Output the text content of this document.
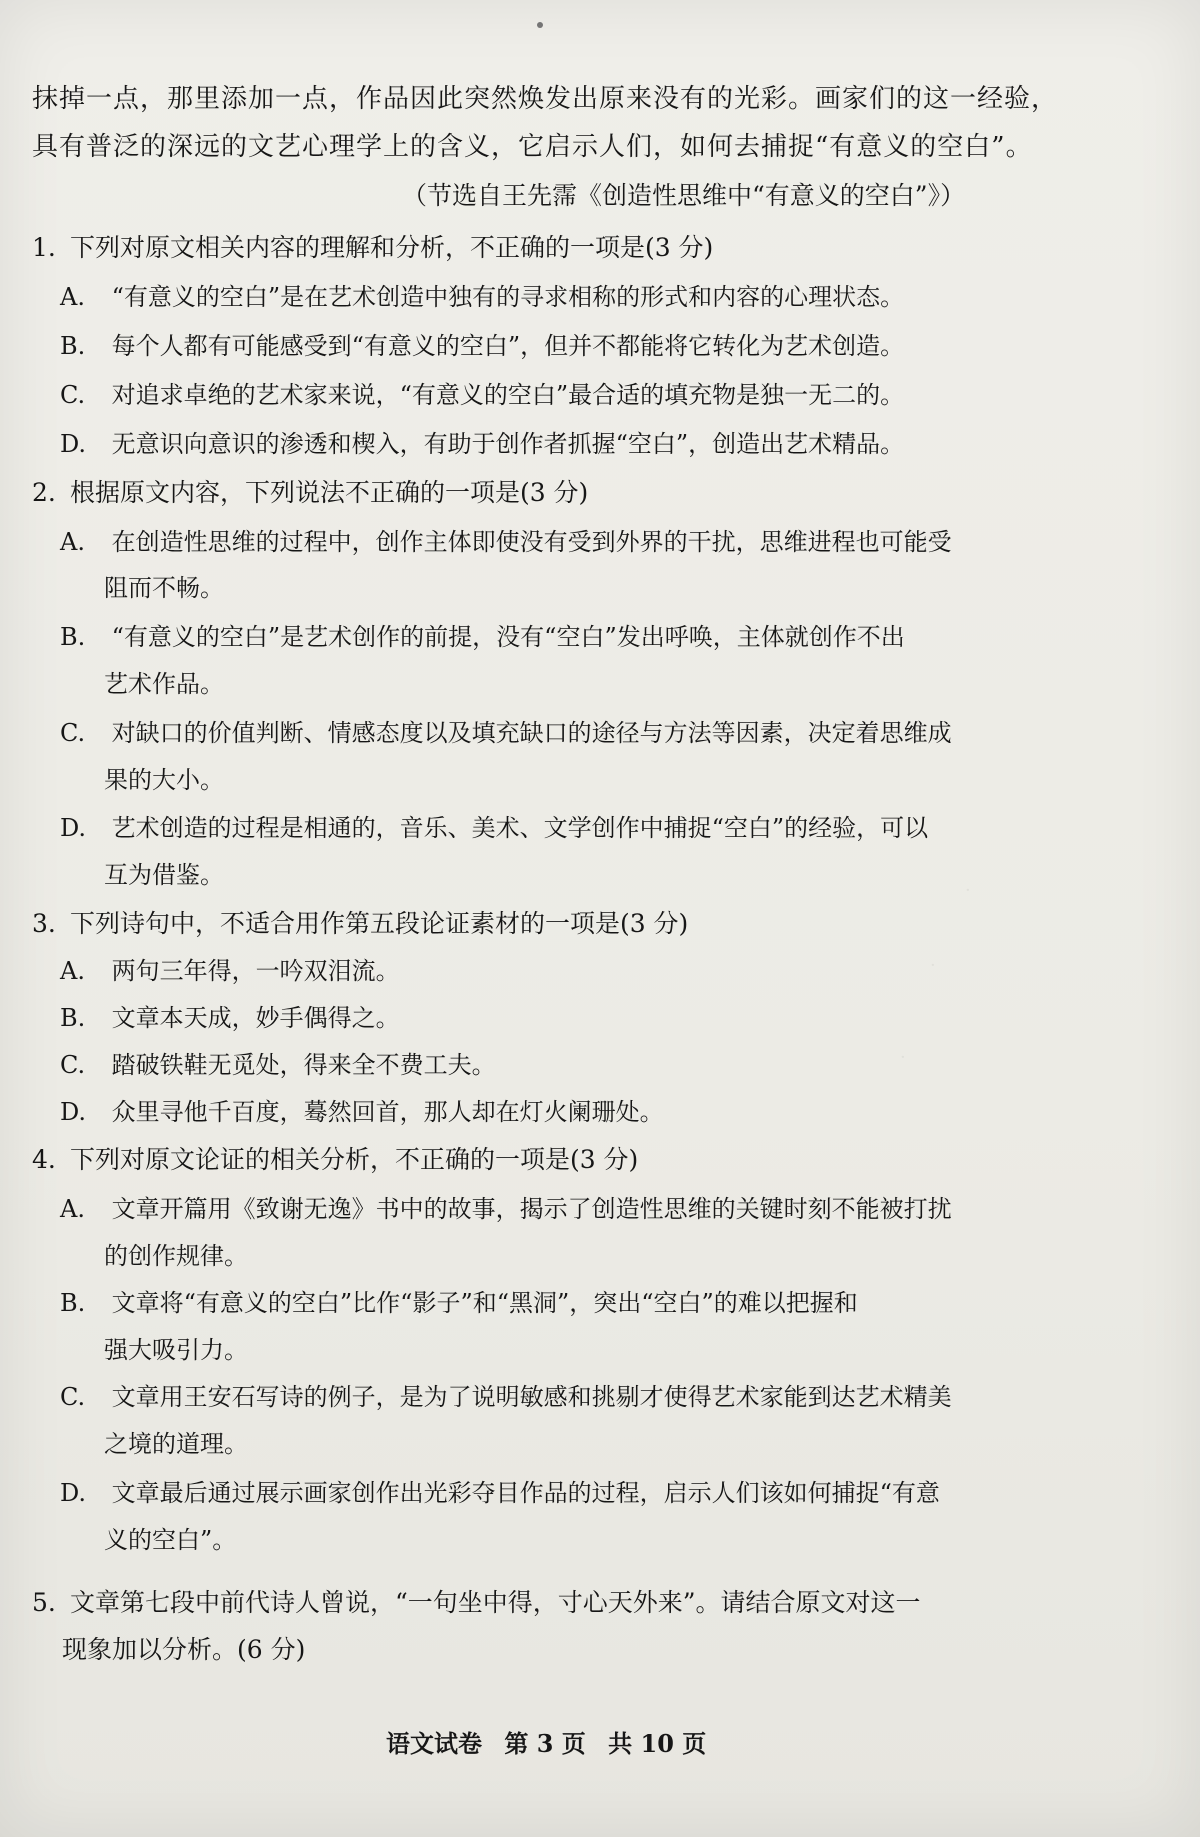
抹掉一点，那里添加一点，作品因此突然焕发出原来没有的光彩。画家们的这一经验，
具有普泛的深远的文艺心理学上的含义，它启示人们，如何去捕捉“有意义的空白”。
（节选自王先霈《创造性思维中“有意义的空白”》）
1. 下列对原文相关内容的理解和分析，不正确的一项是(3 分)
A. “有意义的空白”是在艺术创造中独有的寻求相称的形式和内容的心理状态。
B. 每个人都有可能感受到“有意义的空白”，但并不都能将它转化为艺术创造。
C. 对追求卓绝的艺术家来说，“有意义的空白”最合适的填充物是独一无二的。
D. 无意识向意识的渗透和楔入，有助于创作者抓握“空白”，创造出艺术精品。
2. 根据原文内容，下列说法不正确的一项是(3 分)
A. 在创造性思维的过程中，创作主体即使没有受到外界的干扰，思维进程也可能受
阻而不畅。
B. “有意义的空白”是艺术创作的前提，没有“空白”发出呼唤，主体就创作不出
艺术作品。
C. 对缺口的价值判断、情感态度以及填充缺口的途径与方法等因素，决定着思维成
果的大小。
D. 艺术创造的过程是相通的，音乐、美术、文学创作中捕捉“空白”的经验，可以
互为借鉴。
3. 下列诗句中，不适合用作第五段论证素材的一项是(3 分)
A. 两句三年得，一吟双泪流。
B. 文章本天成，妙手偶得之。
C. 踏破铁鞋无觅处，得来全不费工夫。
D. 众里寻他千百度，蓦然回首，那人却在灯火阑珊处。
4. 下列对原文论证的相关分析，不正确的一项是(3 分)
A. 文章开篇用《致谢无逸》书中的故事，揭示了创造性思维的关键时刻不能被打扰
的创作规律。
B. 文章将“有意义的空白”比作“影子”和“黑洞”，突出“空白”的难以把握和
强大吸引力。
C. 文章用王安石写诗的例子，是为了说明敏感和挑剔才使得艺术家能到达艺术精美
之境的道理。
D. 文章最后通过展示画家创作出光彩夺目作品的过程，启示人们该如何捕捉“有意
义的空白”。
5. 文章第七段中前代诗人曾说，“一句坐中得，寸心天外来”。请结合原文对这一
现象加以分析。(6 分)
语文试卷 第 3 页 共 10 页
·
·
·
